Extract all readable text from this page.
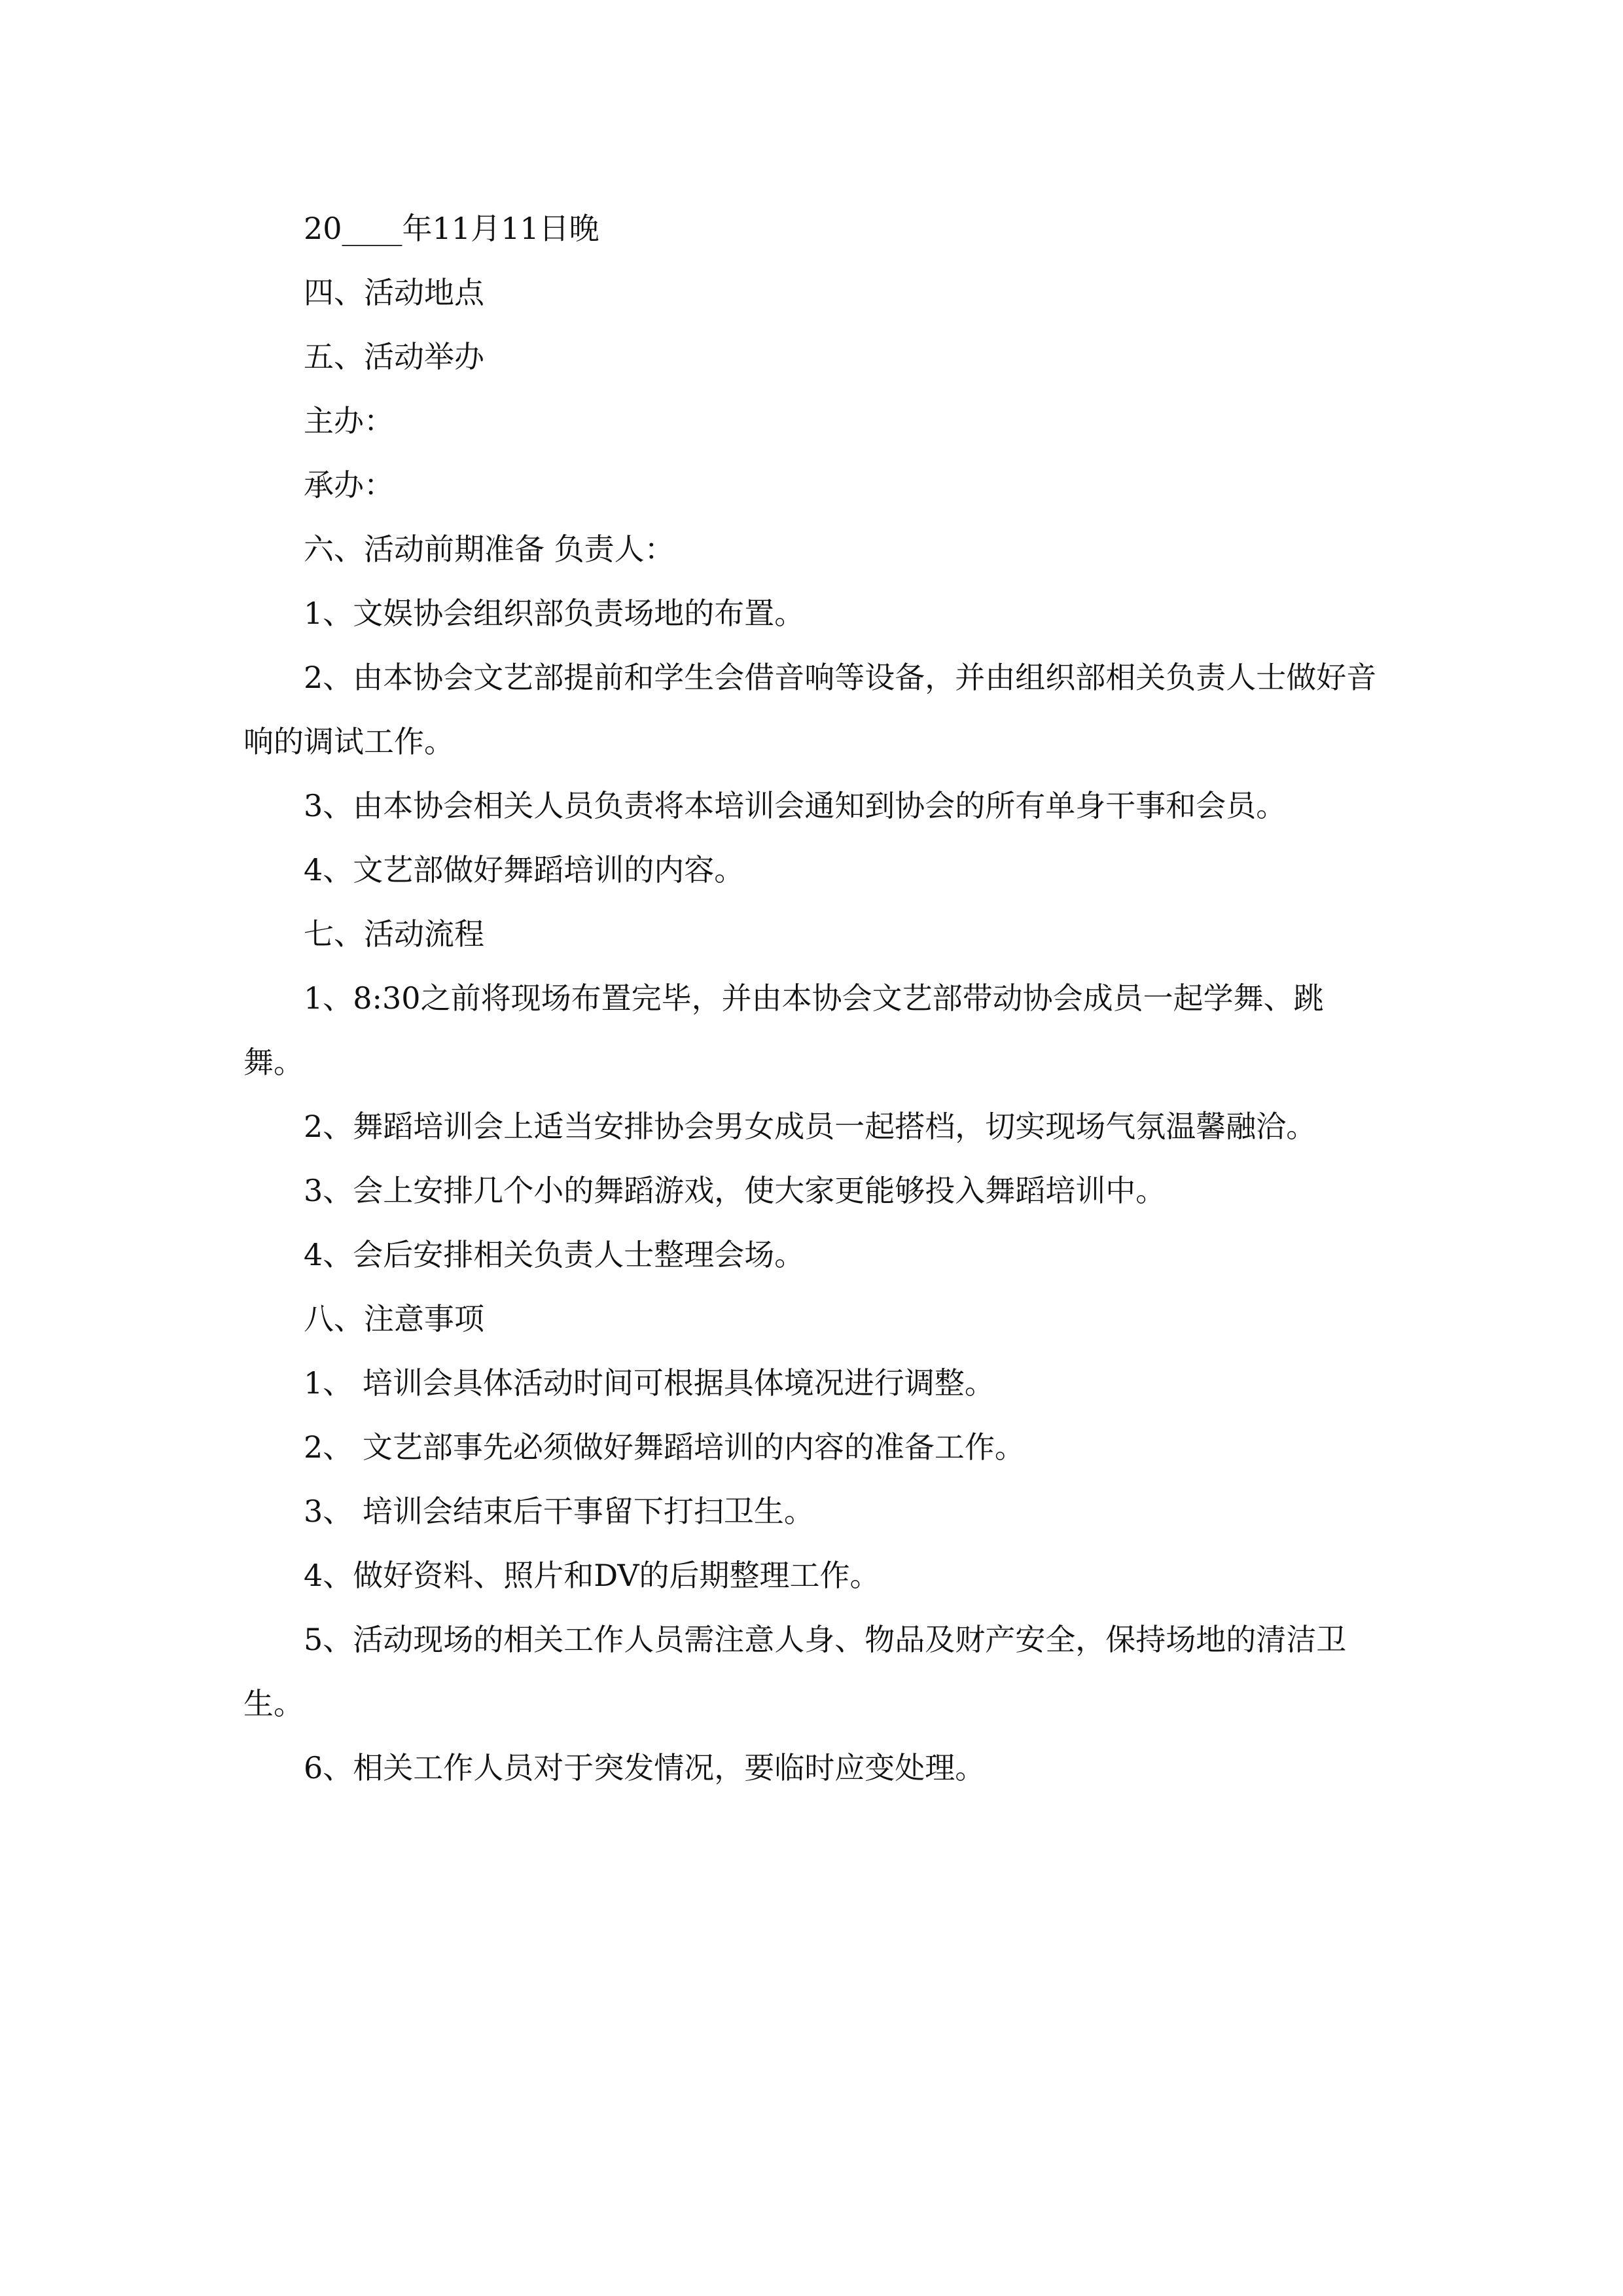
20____年11月11日晚

四、活动地点

五、活动举办

主办：

承办：

六、活动前期准备 负责人：

1、文娱协会组织部负责场地的布置。

2、由本协会文艺部提前和学生会借音响等设备，并由组织部相关负责人士做好音响的调试工作。

3、由本协会相关人员负责将本培训会通知到协会的所有单身干事和会员。

4、文艺部做好舞蹈培训的内容。

七、活动流程

1、8:30之前将现场布置完毕，并由本协会文艺部带动协会成员一起学舞、跳舞。

2、舞蹈培训会上适当安排协会男女成员一起搭档，切实现场气氛温馨融洽。

3、会上安排几个小的舞蹈游戏，使大家更能够投入舞蹈培训中。

4、会后安排相关负责人士整理会场。

八、注意事项

1、 培训会具体活动时间可根据具体境况进行调整。

2、 文艺部事先必须做好舞蹈培训的内容的准备工作。

3、 培训会结束后干事留下打扫卫生。

4、做好资料、照片和DV的后期整理工作。

5、活动现场的相关工作人员需注意人身、物品及财产安全，保持场地的清洁卫生。

6、相关工作人员对于突发情况，要临时应变处理。
